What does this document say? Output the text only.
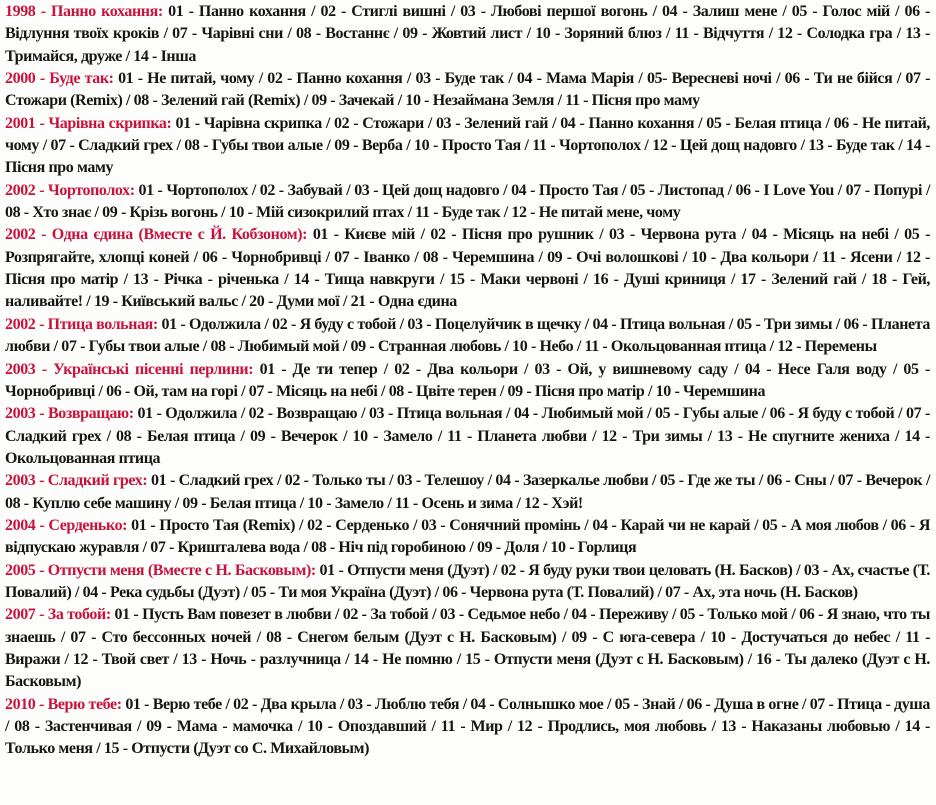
1998 - Панно кохання: 01 - Панно кохання / 02 - Стиглі вишні / 03 - Любові першої вогонь / 04 - Залиш мене / 05 - Голос мій / 06 - Відлуння твоїх кроків / 07 - Чарівні сни / 08 - Востаннє / 09 - Жовтий лист / 10 - Зоряний блюз / 11 - Відчуття / 12 - Солодка гра / 13 - Тримайся, друже / 14 - Інша

2000 - Буде так: 01 - Не питай, чому / 02 - Панно кохання / 03 - Буде так / 04 - Мама Марія / 05- Вересневі ночі / 06 - Ти не бійся / 07 - Стожари (Remix) / 08 - Зелений гай (Remix) / 09 - Зачекай / 10 - Незаймана Земля / 11 - Пісня про маму

2001 - Чарівна скрипка: 01 - Чарівна скрипка / 02 - Стожари / 03 - Зелений гай / 04 - Панно кохання / 05 - Белая птица / 06 - Не питай, чому / 07 - Сладкий грех / 08 - Губы твои алые / 09 - Верба / 10 - Просто Тая / 11 - Чортополох / 12 - Цей дощ надовго / 13 - Буде так / 14 - Пісня про маму

2002 - Чортополох: 01 - Чортополох / 02 - Забувай / 03 - Цей дощ надовго / 04 - Просто Тая / 05 - Листопад / 06 - I Love You / 07 - Попурі / 08 - Хто знає / 09 - Крізь вогонь / 10 - Мій сизокрилий птах / 11 - Буде так / 12 - Не питай мене, чому

2002 - Одна єдина (Вместе с Й. Кобзоном): 01 - Києве мій / 02 - Пісня про рушник / 03 - Червона рута / 04 - Місяць на небі / 05 - Розпрягайте, хлопці коней / 06 - Чорнобривці / 07 - Іванко / 08 - Черемшина / 09 - Очі волошкові / 10 - Два кольори / 11 - Ясени / 12 - Пісня про матір / 13 - Річка - річенька / 14 - Тища навкруги / 15 - Маки червоні / 16 - Душі криниця / 17 - Зелений гай / 18 - Гей, наливайте! / 19 - Київський вальс / 20 - Думи мої / 21 - Одна єдина

2002 - Птица вольная: 01 - Одолжила / 02 - Я буду с тобой / 03 - Поцелуйчик в щечку / 04 - Птица вольная / 05 - Три зимы / 06 - Планета любви / 07 - Губы твои алые / 08 - Любимый мой / 09 - Странная любовь / 10 - Небо / 11 - Окольцованная птица / 12 - Перемены

2003 - Українські пісенні перлини: 01 - Де ти тепер / 02 - Два кольори / 03 - Ой, у вишневому саду / 04 - Несе Галя воду / 05 - Чорнобривці / 06 - Ой, там на горі / 07 - Місяць на небі / 08 - Цвіте терен / 09 - Пісня про матір / 10 - Черемшина

2003 - Возвращаю: 01 - Одолжила / 02 - Возвращаю / 03 - Птица вольная / 04 - Любимый мой / 05 - Губы алые / 06 - Я буду с тобой / 07 - Сладкий грех / 08 - Белая птица / 09 - Вечерок / 10 - Замело / 11 - Планета любви / 12 - Три зимы / 13 - Не спугните жениха / 14 - Окольцованная птица

2003 - Сладкий грех: 01 - Сладкий грех / 02 - Только ты / 03 - Телешоу / 04 - Зазеркалье любви / 05 - Где же ты / 06 - Сны / 07 - Вечерок / 08 - Куплю себе машину / 09 - Белая птица / 10 - Замело / 11 - Осень и зима / 12 - Хэй!

2004 - Серденько: 01 - Просто Тая (Remix) / 02 - Серденько / 03 - Сонячний промінь / 04 - Карай чи не карай / 05 - А моя любов / 06 - Я відпускаю журавля / 07 - Кришталева вода / 08 - Ніч під горобиною / 09 - Доля / 10 - Горлиця

2005 - Отпусти меня (Вместе с Н. Басковым): 01 - Отпусти меня (Дуэт) / 02 - Я буду руки твои целовать (Н. Басков) / 03 - Ах, счастье (Т. Повалий) / 04 - Река судьбы (Дуэт) / 05 - Ти моя Україна (Дуэт) / 06 - Червона рута (Т. Повалий) / 07 - Ах, эта ночь (Н. Басков)

2007 - За тобой: 01 - Пусть Вам повезет в любви / 02 - За тобой / 03 - Седьмое небо / 04 - Переживу / 05 - Только мой / 06 - Я знаю, что ты знаешь / 07 - Сто бессонных ночей / 08 - Снегом белым (Дуэт с Н. Басковым) / 09 - С юга-севера / 10 - Достучаться до небес / 11 - Виражи / 12 - Твой свет / 13 - Ночь - разлучница / 14 - Не помню / 15 - Отпусти меня (Дуэт с Н. Басковым) / 16 - Ты далеко (Дуэт с Н. Басковым)

2010 - Верю тебе: 01 - Верю тебе / 02 - Два крыла / 03 - Люблю тебя / 04 - Солнышко мое / 05 - Знай / 06 - Душа в огне / 07 - Птица - душа / 08 - Застенчивая / 09 - Мама - мамочка / 10 - Опоздавший / 11 - Мир / 12 - Продлись, моя любовь / 13 - Наказаны любовью / 14 - Только меня / 15 - Отпусти (Дуэт со С. Михайловым)
